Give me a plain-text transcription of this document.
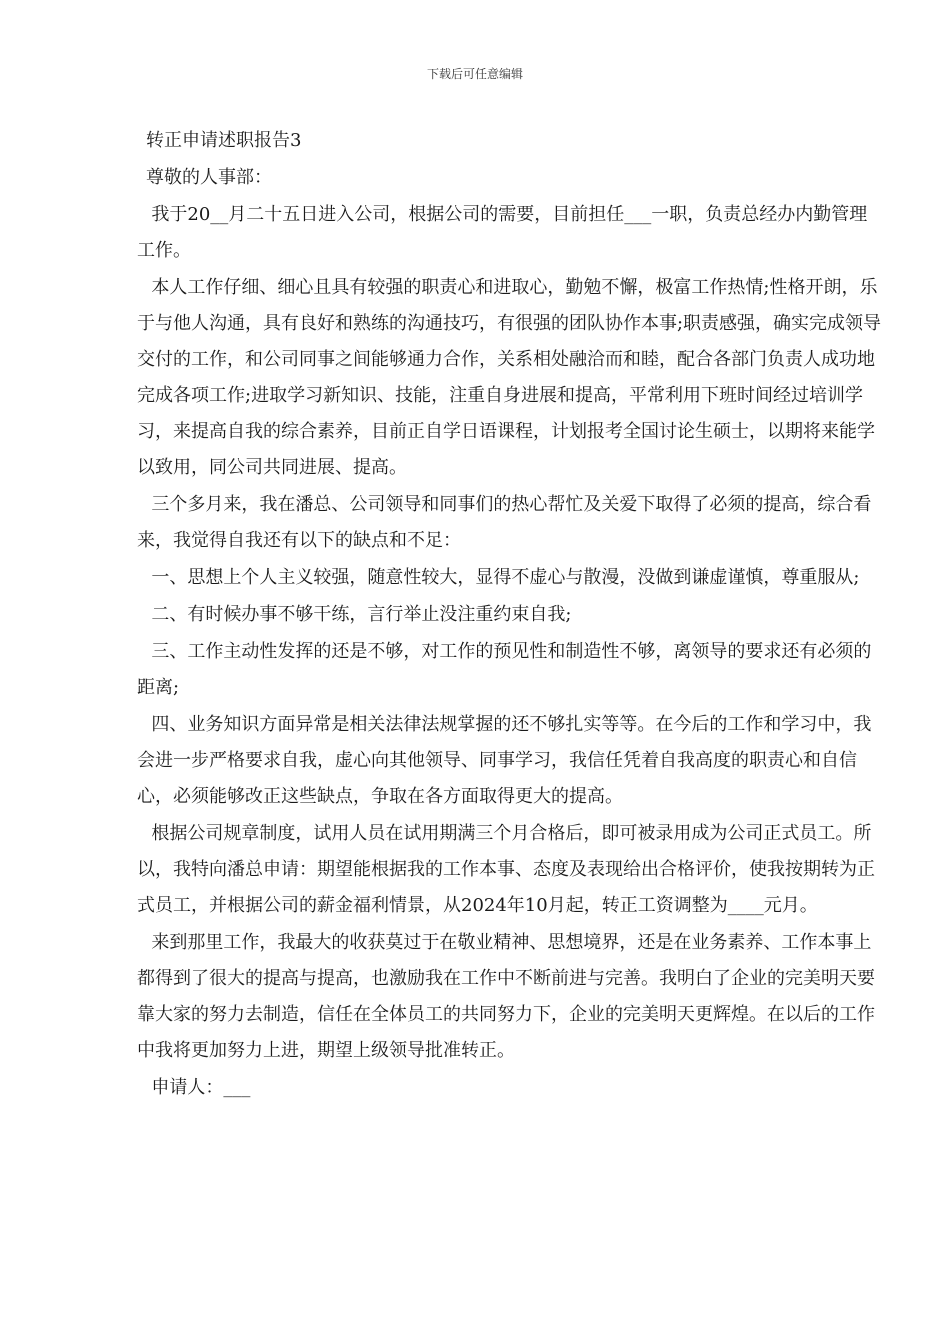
下载后可任意编辑

转正申请述职报告3

尊敬的人事部：

我于20__月二十五日进入公司，根据公司的需要，目前担任___一职，负责总经办内勤管理工作。

本人工作仔细、细心且具有较强的职责心和进取心，勤勉不懈，极富工作热情;性格开朗，乐于与他人沟通，具有良好和熟练的沟通技巧，有很强的团队协作本事;职责感强，确实完成领导交付的工作，和公司同事之间能够通力合作，关系相处融洽而和睦，配合各部门负责人成功地完成各项工作;进取学习新知识、技能，注重自身进展和提高，平常利用下班时间经过培训学习，来提高自我的综合素养，目前正自学日语课程，计划报考全国讨论生硕士，以期将来能学以致用，同公司共同进展、提高。

三个多月来，我在潘总、公司领导和同事们的热心帮忙及关爱下取得了必须的提高，综合看来，我觉得自我还有以下的缺点和不足：

一、思想上个人主义较强，随意性较大，显得不虚心与散漫，没做到谦虚谨慎，尊重服从;

二、有时候办事不够干练，言行举止没注重约束自我;

三、工作主动性发挥的还是不够，对工作的预见性和制造性不够，离领导的要求还有必须的距离;

四、业务知识方面异常是相关法律法规掌握的还不够扎实等等。在今后的工作和学习中，我会进一步严格要求自我，虚心向其他领导、同事学习，我信任凭着自我高度的职责心和自信心，必须能够改正这些缺点，争取在各方面取得更大的提高。

根据公司规章制度，试用人员在试用期满三个月合格后，即可被录用成为公司正式员工。所以，我特向潘总申请：期望能根据我的工作本事、态度及表现给出合格评价，使我按期转为正式员工，并根据公司的薪金福利情景，从2024年10月起，转正工资调整为____元月。

来到那里工作，我最大的收获莫过于在敬业精神、思想境界，还是在业务素养、工作本事上都得到了很大的提高与提高，也激励我在工作中不断前进与完善。我明白了企业的完美明天要靠大家的努力去制造，信任在全体员工的共同努力下，企业的完美明天更辉煌。在以后的工作中我将更加努力上进，期望上级领导批准转正。

申请人：___
